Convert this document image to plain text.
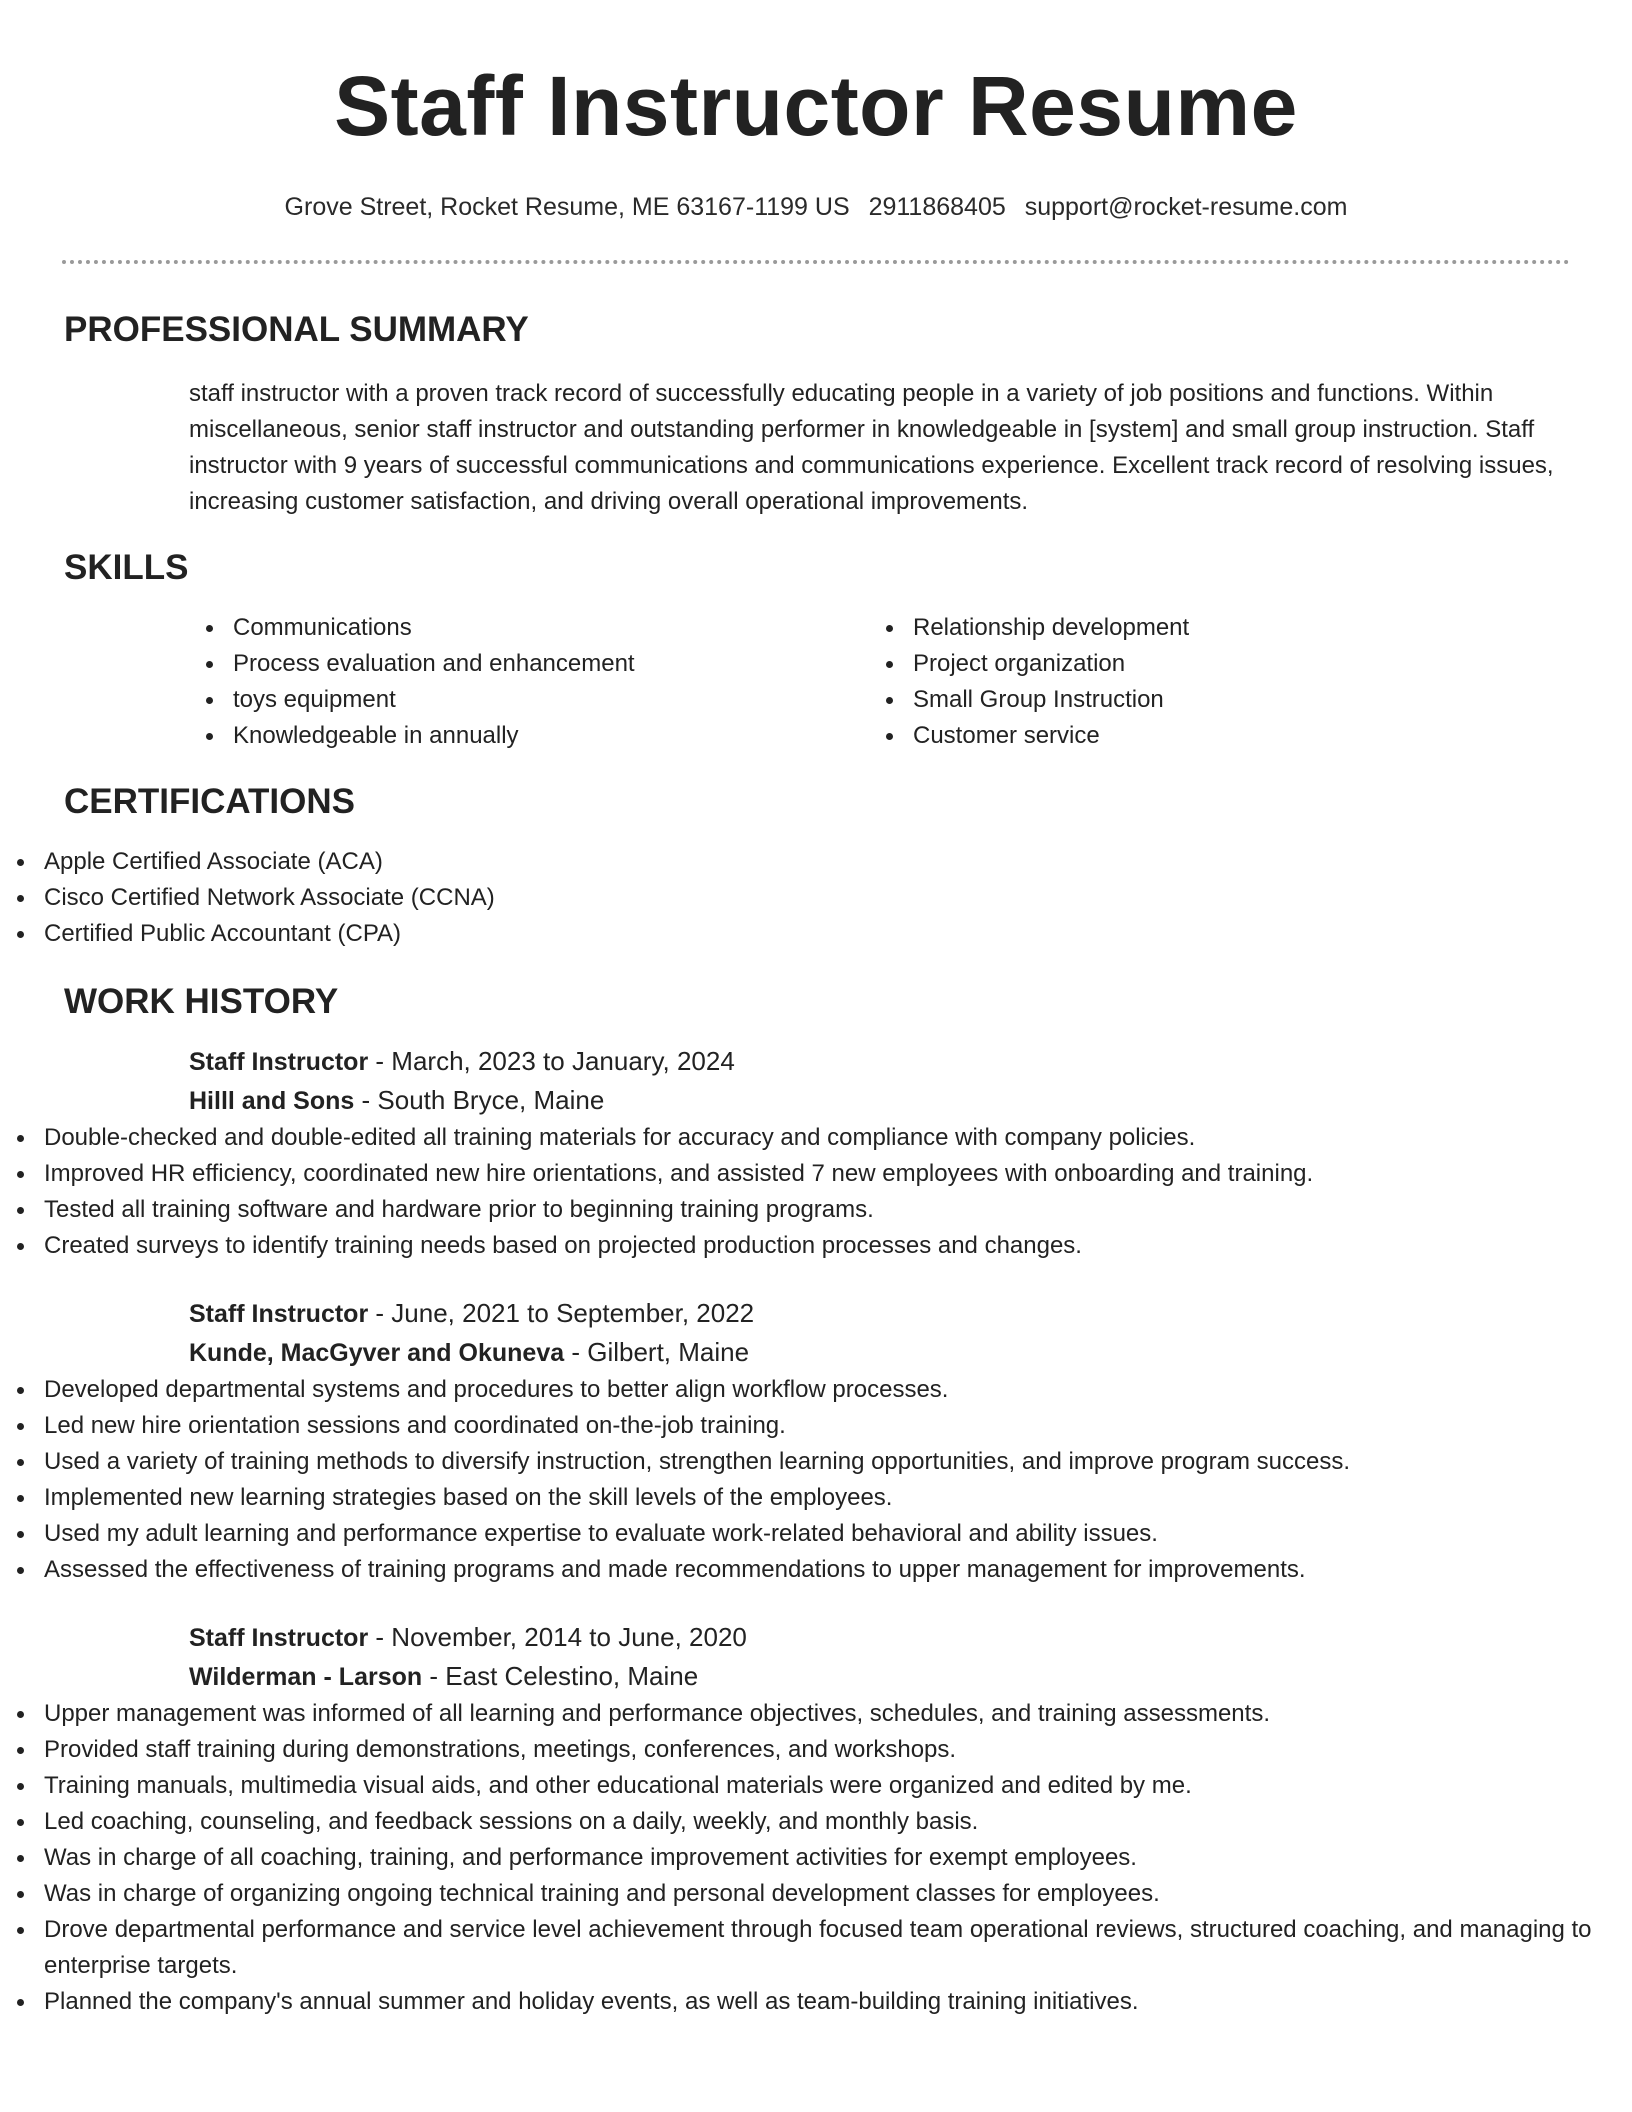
Staff Instructor Resume
Grove Street, Rocket Resume, ME 63167-1199 US 2911868405 support@rocket-resume.com
PROFESSIONAL SUMMARY

staff instructor with a proven track record of successfully educating people in a variety of job positions and functions. Within miscellaneous, senior staff instructor and outstanding performer in knowledgeable in [system] and small group instruction. Staff instructor with 9 years of successful communications and communications experience. Excellent track record of resolving issues, increasing customer satisfaction, and driving overall operational improvements.

SKILLS
Communications
Process evaluation and enhancement
toys equipment
Knowledgeable in annually
Relationship development
Project organization
Small Group Instruction
Customer service
CERTIFICATIONS
Apple Certified Associate (ACA)
Cisco Certified Network Associate (CCNA)
Certified Public Accountant (CPA)
WORK HISTORY
Staff Instructor - March, 2023 to January, 2024
Hilll and Sons - South Bryce, Maine
Double-checked and double-edited all training materials for accuracy and compliance with company policies.
Improved HR efficiency, coordinated new hire orientations, and assisted 7 new employees with onboarding and training.
Tested all training software and hardware prior to beginning training programs.
Created surveys to identify training needs based on projected production processes and changes.
Staff Instructor - June, 2021 to September, 2022
Kunde, MacGyver and Okuneva - Gilbert, Maine
Developed departmental systems and procedures to better align workflow processes.
Led new hire orientation sessions and coordinated on-the-job training.
Used a variety of training methods to diversify instruction, strengthen learning opportunities, and improve program success.
Implemented new learning strategies based on the skill levels of the employees.
Used my adult learning and performance expertise to evaluate work-related behavioral and ability issues.
Assessed the effectiveness of training programs and made recommendations to upper management for improvements.
Staff Instructor - November, 2014 to June, 2020
Wilderman - Larson - East Celestino, Maine
Upper management was informed of all learning and performance objectives, schedules, and training assessments.
Provided staff training during demonstrations, meetings, conferences, and workshops.
Training manuals, multimedia visual aids, and other educational materials were organized and edited by me.
Led coaching, counseling, and feedback sessions on a daily, weekly, and monthly basis.
Was in charge of all coaching, training, and performance improvement activities for exempt employees.
Was in charge of organizing ongoing technical training and personal development classes for employees.
Drove departmental performance and service level achievement through focused team operational reviews, structured coaching, and managing to enterprise targets.
Planned the company's annual summer and holiday events, as well as team-building training initiatives.
